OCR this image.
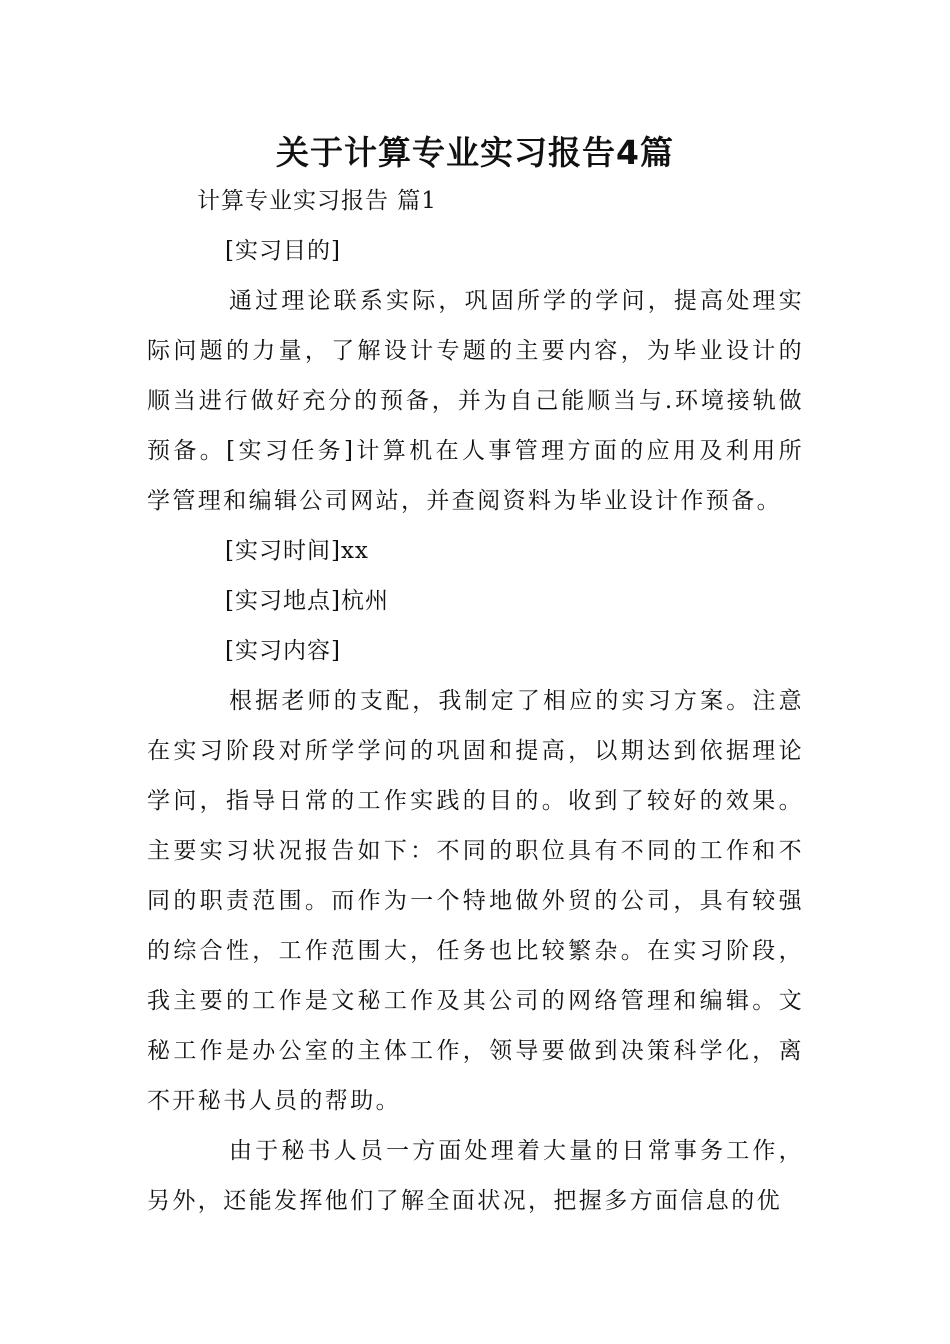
关于计算专业实习报告4篇

计算专业实习报告 篇1

[实习目的]

通过理论联系实际，巩固所学的学问，提高处理实际问题的力量，了解设计专题的主要内容，为毕业设计的顺当进行做好充分的预备，并为自己能顺当与.环境接轨做预备。[实习任务]计算机在人事管理方面的应用及利用所学管理和编辑公司网站，并查阅资料为毕业设计作预备。

[实习时间]xx

[实习地点]杭州

[实习内容]

根据老师的支配，我制定了相应的实习方案。注意在实习阶段对所学学问的巩固和提高，以期达到依据理论学问，指导日常的工作实践的目的。收到了较好的效果。主要实习状况报告如下：不同的职位具有不同的工作和不同的职责范围。而作为一个特地做外贸的公司，具有较强的综合性，工作范围大，任务也比较繁杂。在实习阶段，我主要的工作是文秘工作及其公司的网络管理和编辑。文秘工作是办公室的主体工作，领导要做到决策科学化，离不开秘书人员的帮助。

由于秘书人员一方面处理着大量的日常事务工作，另外，还能发挥他们了解全面状况，把握多方面信息的优
